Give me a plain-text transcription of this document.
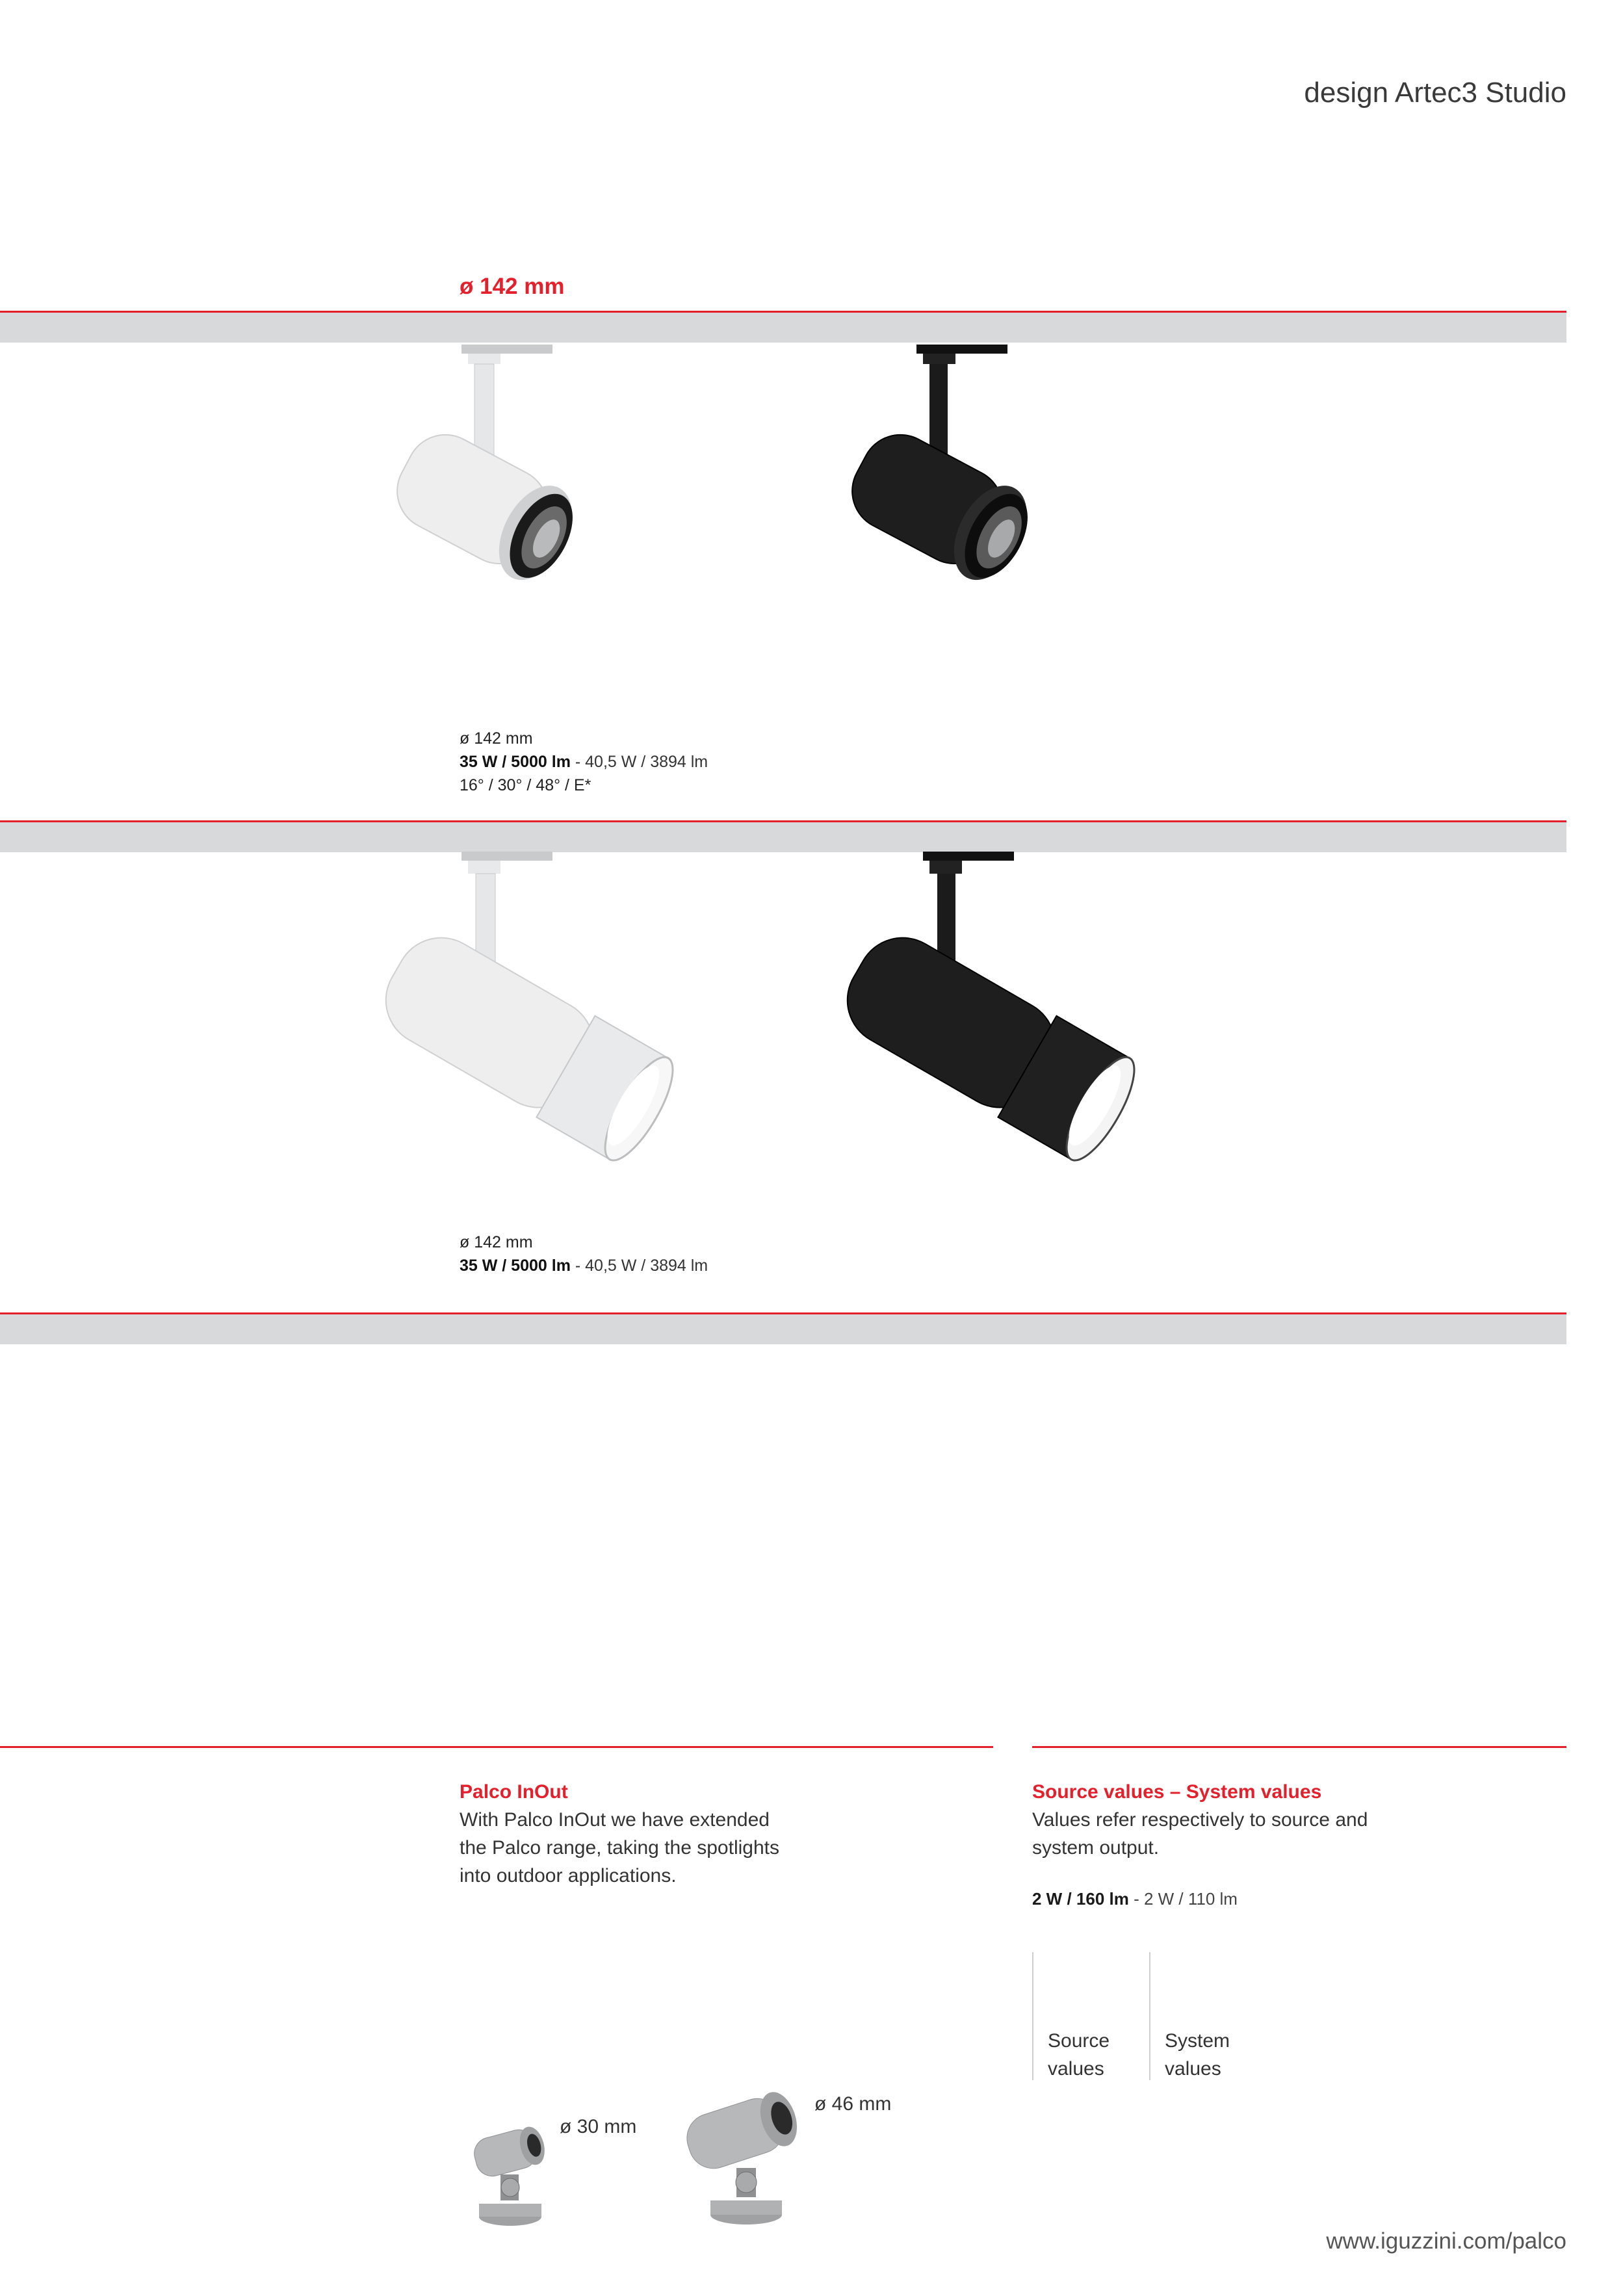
design Artec3 Studio
ø 142 mm
ø 142 mm
35 W / 5000 lm - 40,5 W / 3894 lm
16° / 30° / 48° / E*
ø 142 mm
35 W / 5000 lm - 40,5 W / 3894 lm
Palco InOut
With Palco InOut we have extended
the Palco range, taking the spotlights
into outdoor applications.
Source values – System values
Values refer respectively to source and
system output.
2 W / 160 lm - 2 W / 110 lm
Source
values
System
values
ø 30 mm
ø 46 mm
www.iguzzini.com/palco
